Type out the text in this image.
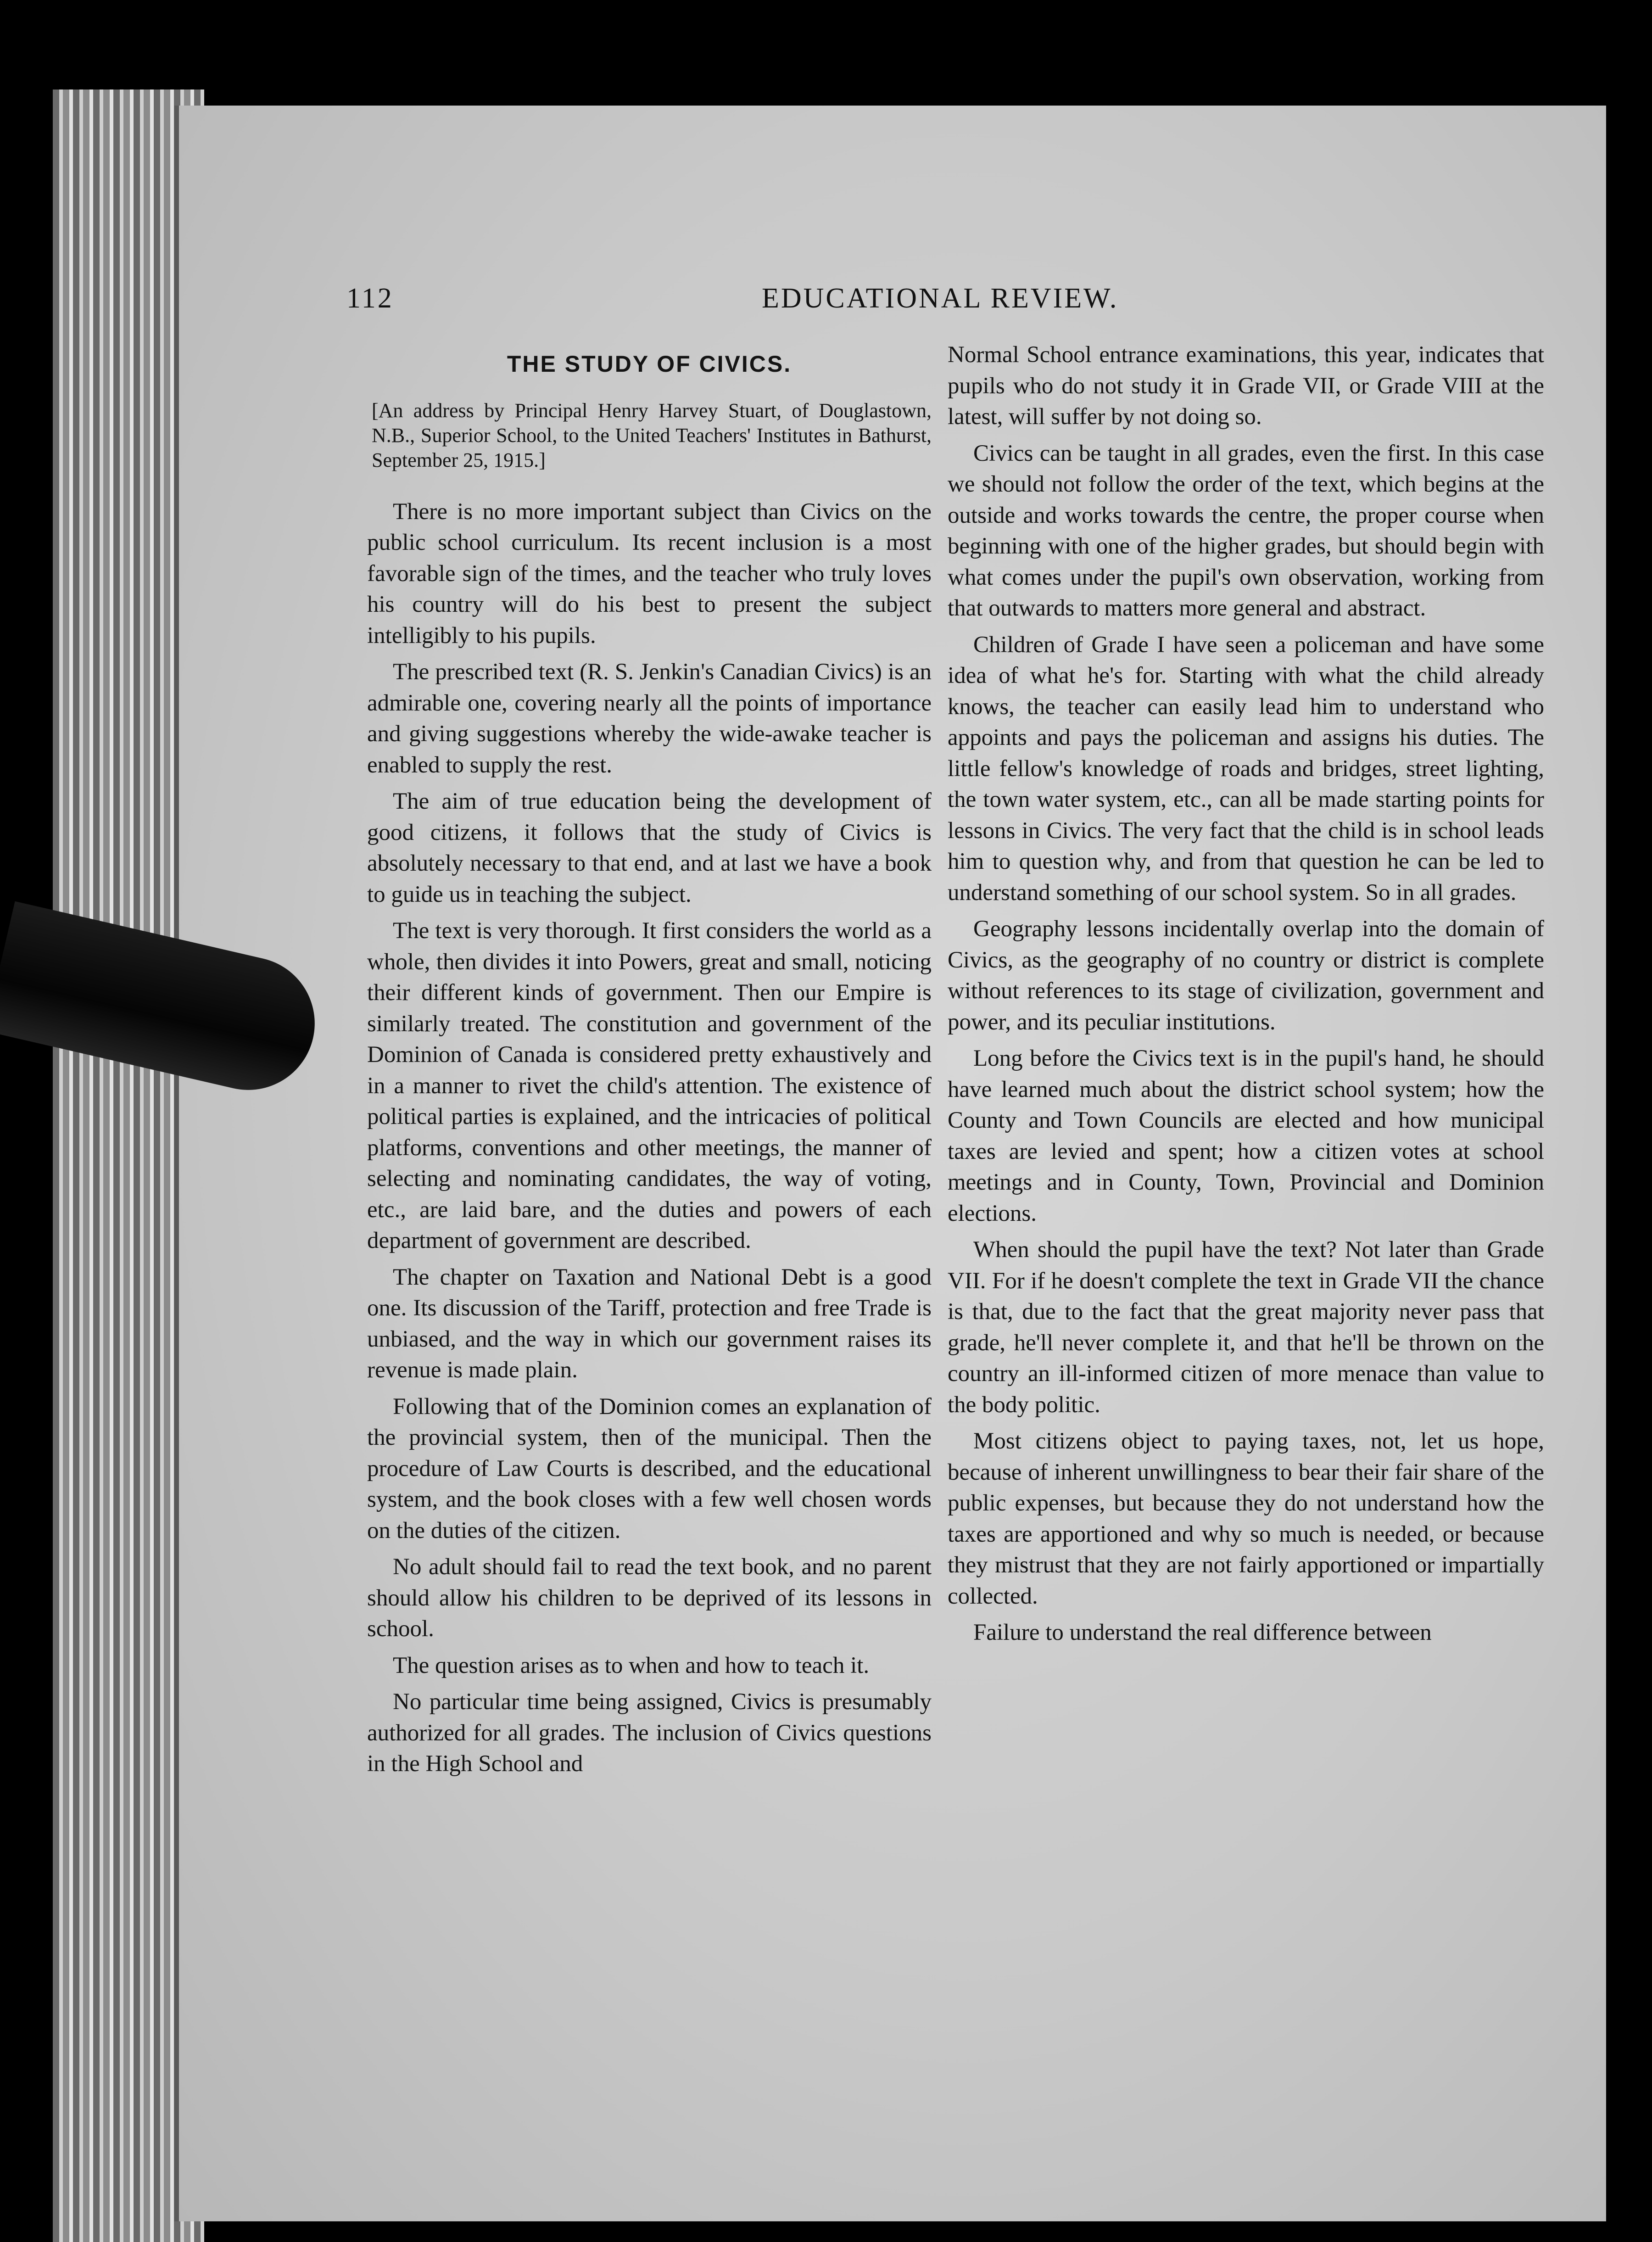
112	EDUCATIONAL REVIEW.
THE STUDY OF CIVICS.
[An address by Principal Henry Harvey Stuart, of Douglastown, N.B., Superior School, to the United Teachers' Institutes in Bathurst, September 25, 1915.]

There is no more important subject than Civics on the public school curriculum. Its recent inclusion is a most favorable sign of the times, and the teacher who truly loves his country will do his best to present the subject intelligibly to his pupils.

The prescribed text (R. S. Jenkin's Canadian Civics) is an admirable one, covering nearly all the points of importance and giving suggestions whereby the wide-awake teacher is enabled to supply the rest.

The aim of true education being the development of good citizens, it follows that the study of Civics is absolutely necessary to that end, and at last we have a book to guide us in teaching the subject.

The text is very thorough. It first considers the world as a whole, then divides it into Powers, great and small, noticing their different kinds of government. Then our Empire is similarly treated. The constitution and government of the Dominion of Canada is considered pretty exhaustively and in a manner to rivet the child's attention. The existence of political parties is explained, and the intricacies of political platforms, conventions and other meetings, the manner of selecting and nominating candidates, the way of voting, etc., are laid bare, and the duties and powers of each department of government are described.

The chapter on Taxation and National Debt is a good one. Its discussion of the Tariff, protection and free Trade is unbiased, and the way in which our government raises its revenue is made plain.

Following that of the Dominion comes an explanation of the provincial system, then of the municipal. Then the procedure of Law Courts is described, and the educational system, and the book closes with a few well chosen words on the duties of the citizen.

No adult should fail to read the text book, and no parent should allow his children to be deprived of its lessons in school.

The question arises as to when and how to teach it.

No particular time being assigned, Civics is presumably authorized for all grades. The inclusion of Civics questions in the High School and

Normal School entrance examinations, this year, indicates that pupils who do not study it in Grade VII, or Grade VIII at the latest, will suffer by not doing so.

Civics can be taught in all grades, even the first. In this case we should not follow the order of the text, which begins at the outside and works towards the centre, the proper course when beginning with one of the higher grades, but should begin with what comes under the pupil's own observation, working from that outwards to matters more general and abstract.

Children of Grade I have seen a policeman and have some idea of what he's for. Starting with what the child already knows, the teacher can easily lead him to understand who appoints and pays the policeman and assigns his duties. The little fellow's knowledge of roads and bridges, street lighting, the town water system, etc., can all be made starting points for lessons in Civics. The very fact that the child is in school leads him to question why, and from that question he can be led to understand something of our school system. So in all grades.

Geography lessons incidentally overlap into the domain of Civics, as the geography of no country or district is complete without references to its stage of civilization, government and power, and its peculiar institutions.

Long before the Civics text is in the pupil's hand, he should have learned much about the district school system; how the County and Town Councils are elected and how municipal taxes are levied and spent; how a citizen votes at school meetings and in County, Town, Provincial and Dominion elections.

When should the pupil have the text? Not later than Grade VII. For if he doesn't complete the text in Grade VII the chance is that, due to the fact that the great majority never pass that grade, he'll never complete it, and that he'll be thrown on the country an ill-informed citizen of more menace than value to the body politic.

Most citizens object to paying taxes, not, let us hope, because of inherent unwillingness to bear their fair share of the public expenses, but because they do not understand how the taxes are apportioned and why so much is needed, or because they mistrust that they are not fairly apportioned or impartially collected.

Failure to understand the real difference between
